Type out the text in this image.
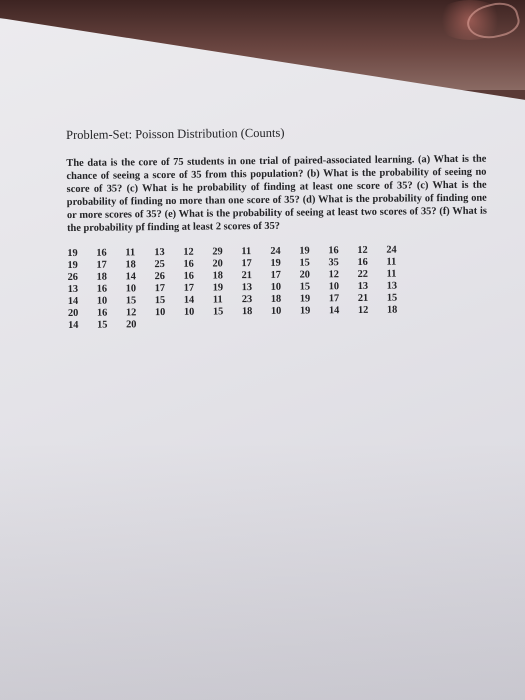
Problem-Set: Poisson Distribution (Counts)

The data is the core of 75 students in one trial of paired-associated learning. (a) What is the chance of seeing a score of 35 from this population? (b) What is the probability of seeing no score of 35? (c) What is he probability of finding at least one score of 35? (c) What is the probability of finding no more than one score of 35? (d) What is the probability of finding one or more scores of 35? (e) What is the probability of seeing at least two scores of 35? (f) What is the probability pf finding at least 2 scores of 35?

19	16	11	13	12	29	11	24	19	16	12	24
19	17	18	25	16	20	17	19	15	35	16	11
26	18	14	26	16	18	21	17	20	12	22	11
13	16	10	17	17	19	13	10	15	10	13	13
14	10	15	15	14	11	23	18	19	17	21	15
20	16	12	10	10	15	18	10	19	14	12	18
14	15	20									
